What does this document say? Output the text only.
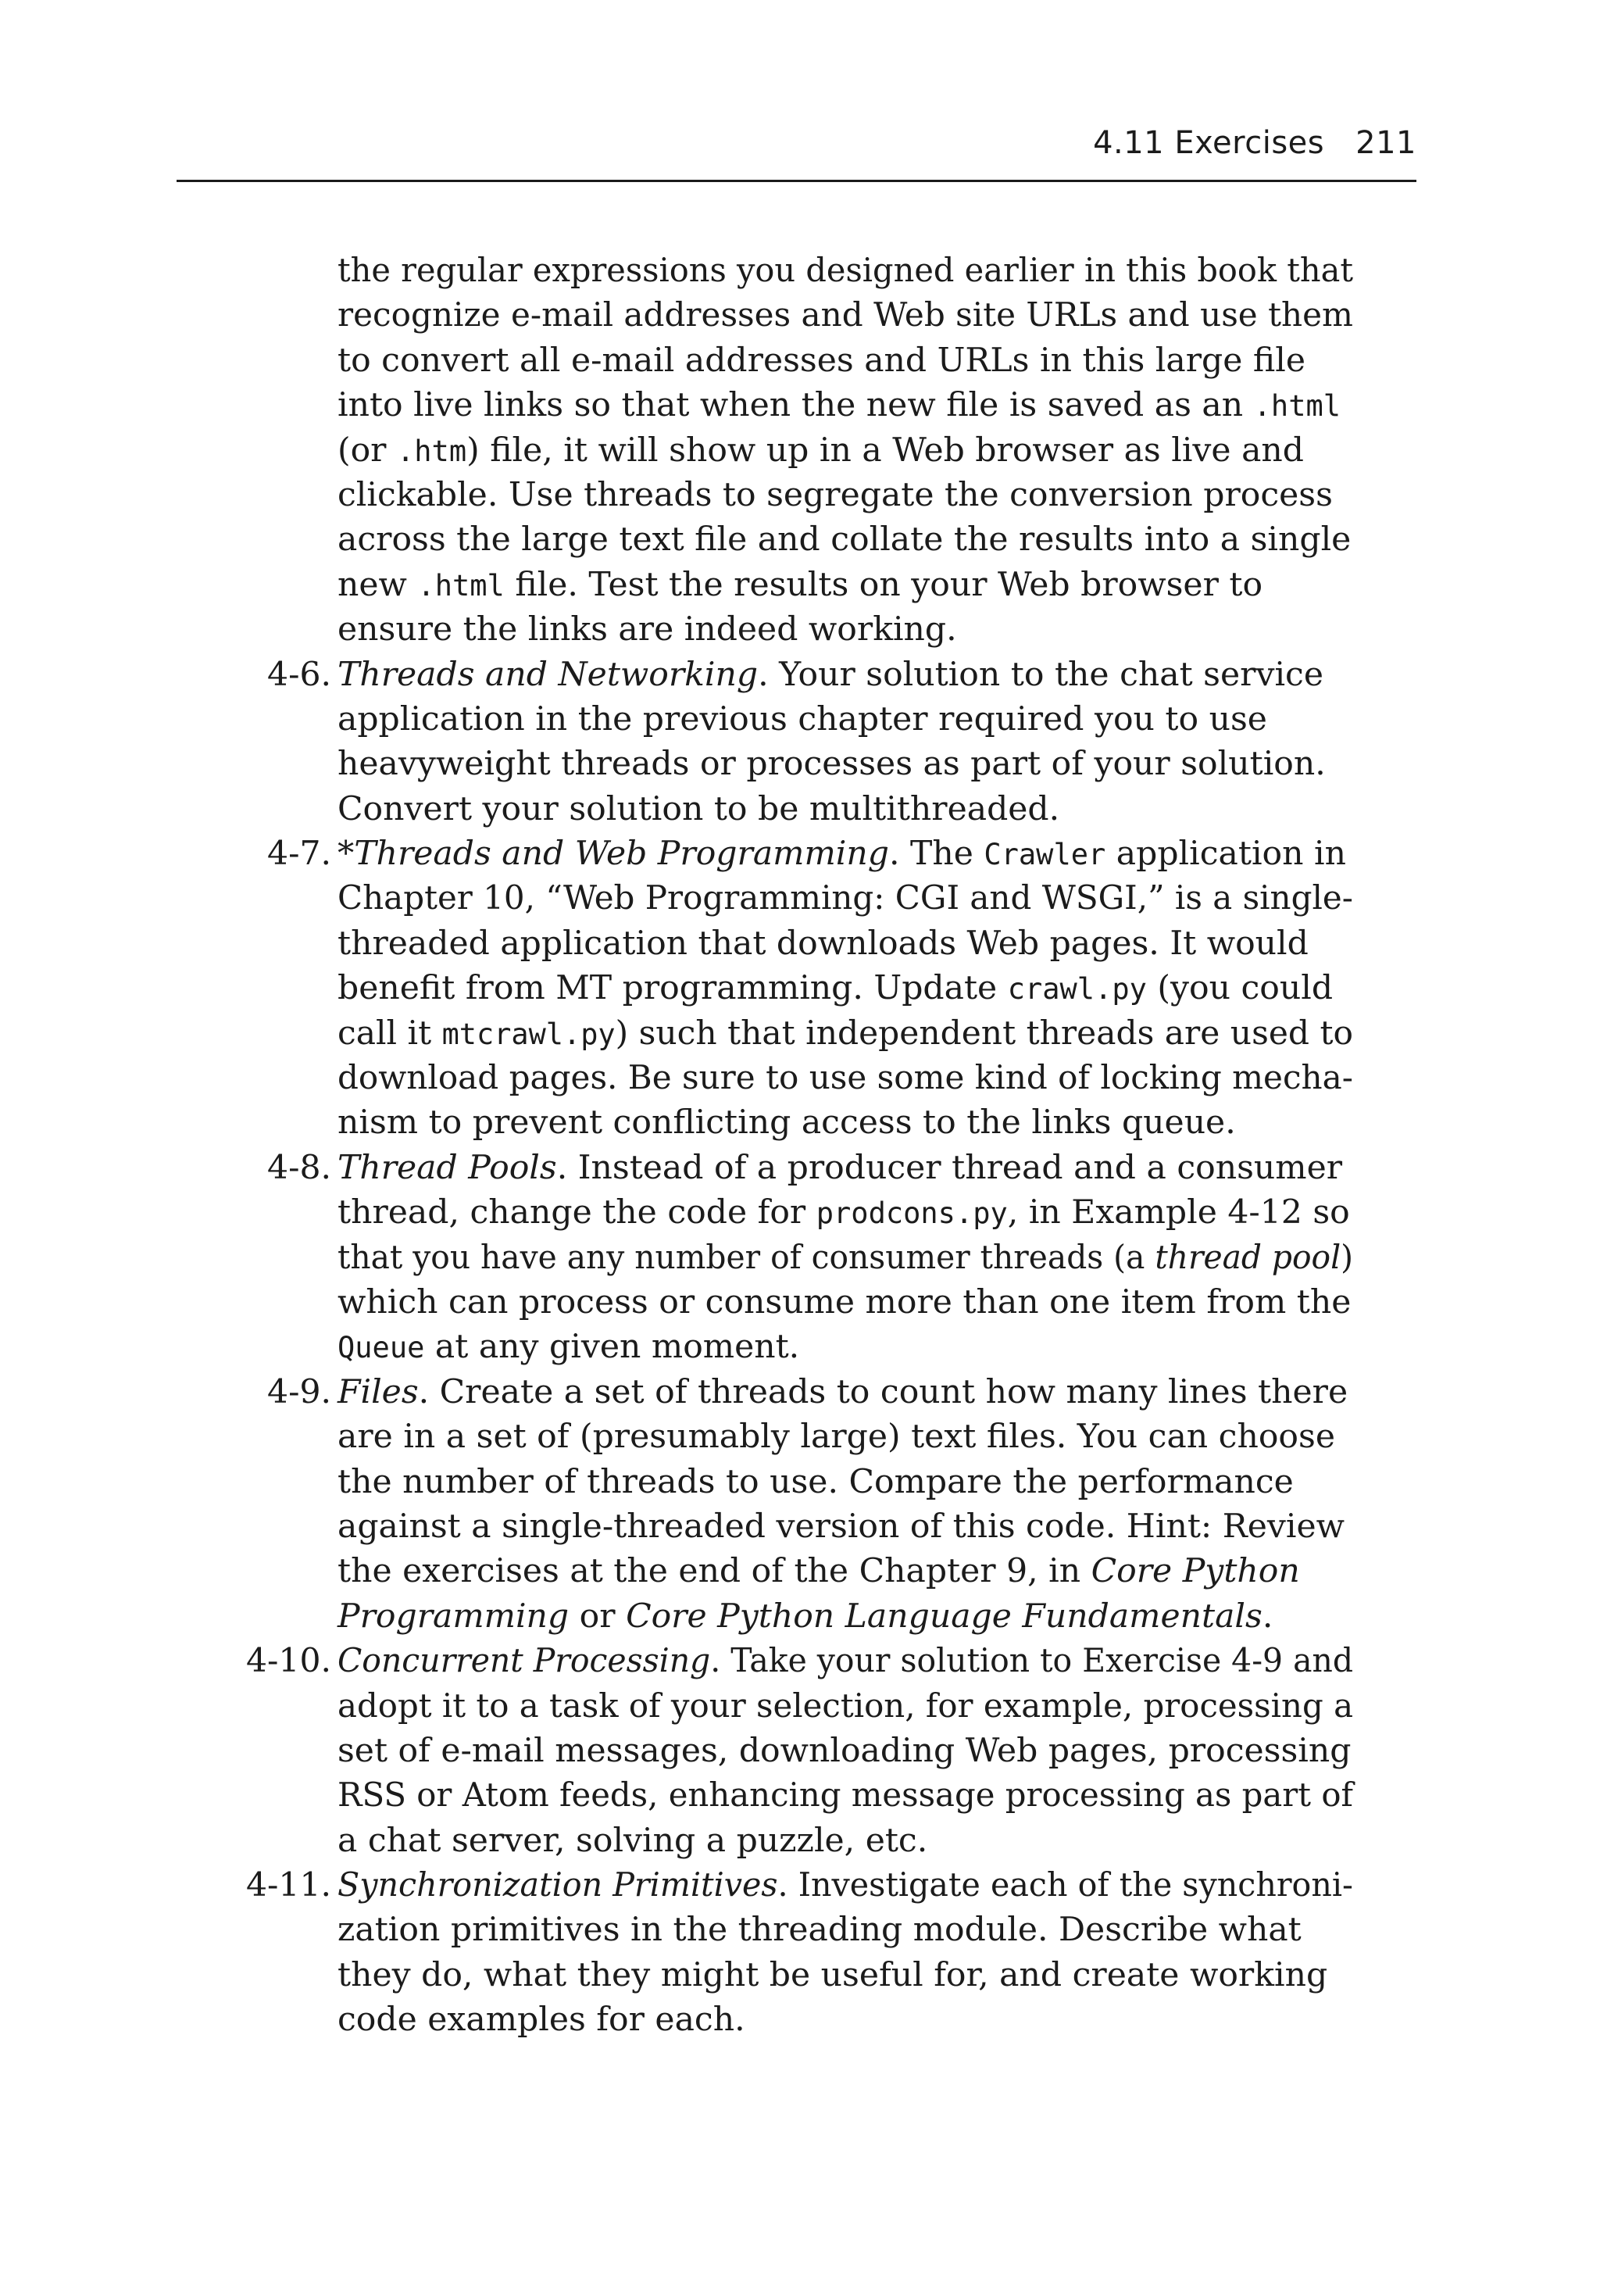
4.11 Exercises 211
the regular expressions you designed earlier in this book that
recognize e-mail addresses and Web site URLs and use them
to convert all e-mail addresses and URLs in this large file
into live links so that when the new file is saved as an .html
(or .htm) file, it will show up in a Web browser as live and
clickable. Use threads to segregate the conversion process
across the large text file and collate the results into a single
new .html file. Test the results on your Web browser to
ensure the links are indeed working.
4-6. Threads and Networking. Your solution to the chat service
application in the previous chapter required you to use
heavyweight threads or processes as part of your solution.
Convert your solution to be multithreaded.
4-7. *Threads and Web Programming. The Crawler application in
Chapter 10, “Web Programming: CGI and WSGI,” is a single-
threaded application that downloads Web pages. It would
benefit from MT programming. Update crawl.py (you could
call it mtcrawl.py) such that independent threads are used to
download pages. Be sure to use some kind of locking mecha-
nism to prevent conflicting access to the links queue.
4-8. Thread Pools. Instead of a producer thread and a consumer
thread, change the code for prodcons.py, in Example 4-12 so
that you have any number of consumer threads (a thread pool)
which can process or consume more than one item from the
Queue at any given moment.
4-9. Files. Create a set of threads to count how many lines there
are in a set of (presumably large) text files. You can choose
the number of threads to use. Compare the performance
against a single-threaded version of this code. Hint: Review
the exercises at the end of the Chapter 9, in Core Python
Programming or Core Python Language Fundamentals.
4-10. Concurrent Processing. Take your solution to Exercise 4-9 and
adopt it to a task of your selection, for example, processing a
set of e-mail messages, downloading Web pages, processing
RSS or Atom feeds, enhancing message processing as part of
a chat server, solving a puzzle, etc.
4-11. Synchronization Primitives. Investigate each of the synchroni-
zation primitives in the threading module. Describe what
they do, what they might be useful for, and create working
code examples for each.
